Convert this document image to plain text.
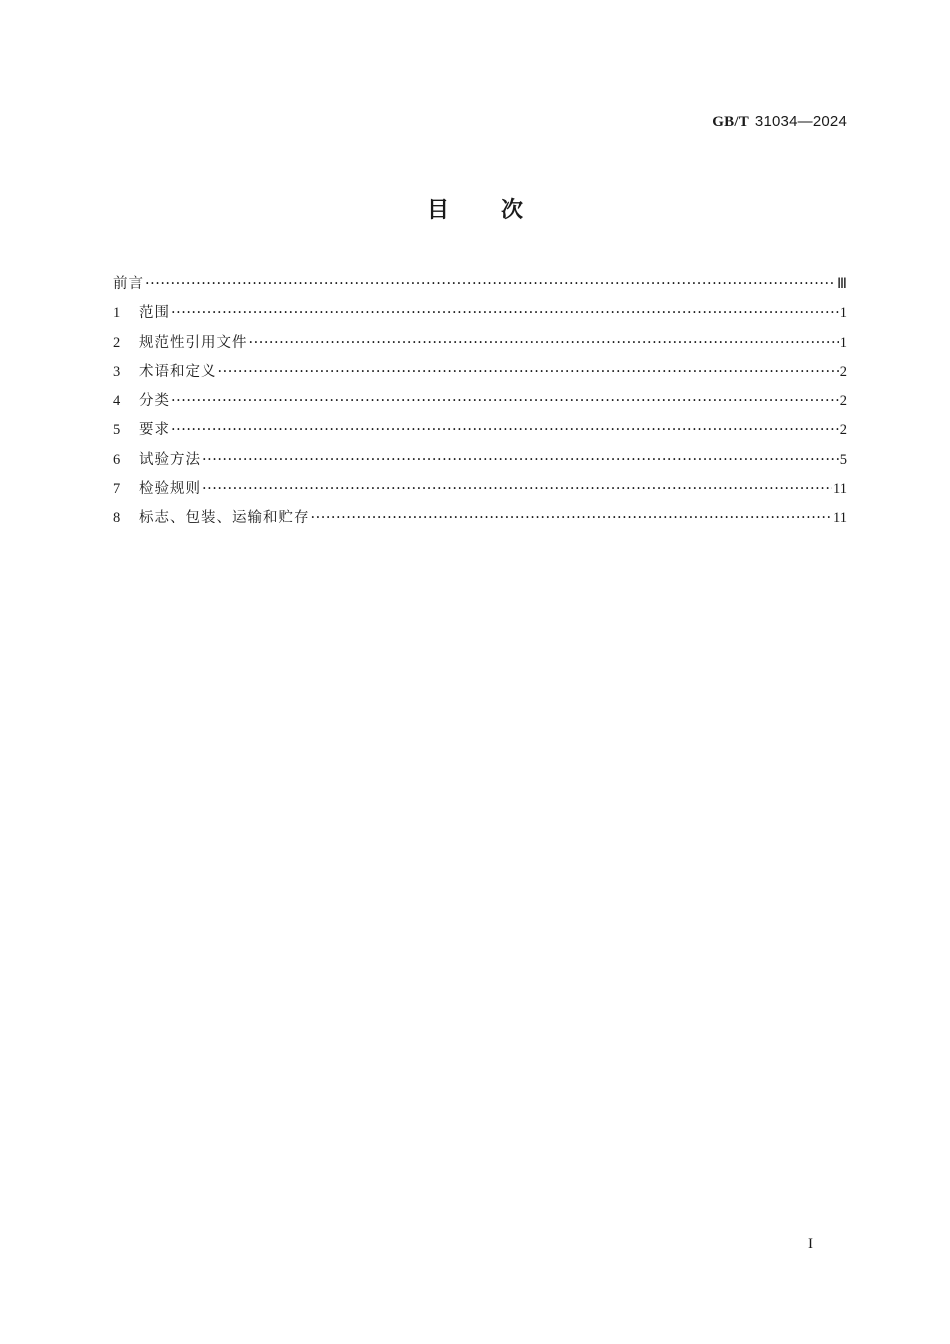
GB/T 31034—2024
目 次
前言 ·····	Ⅲ
1	范围 ·····	1
2	规范性引用文件 ·····	1
3	术语和定义 ·····	2
4	分类 ·····	2
5	要求 ·····	2
6	试验方法 ·····	5
7	检验规则 ·····	11
8	标志、包装、运输和贮存 ·····	11
I
